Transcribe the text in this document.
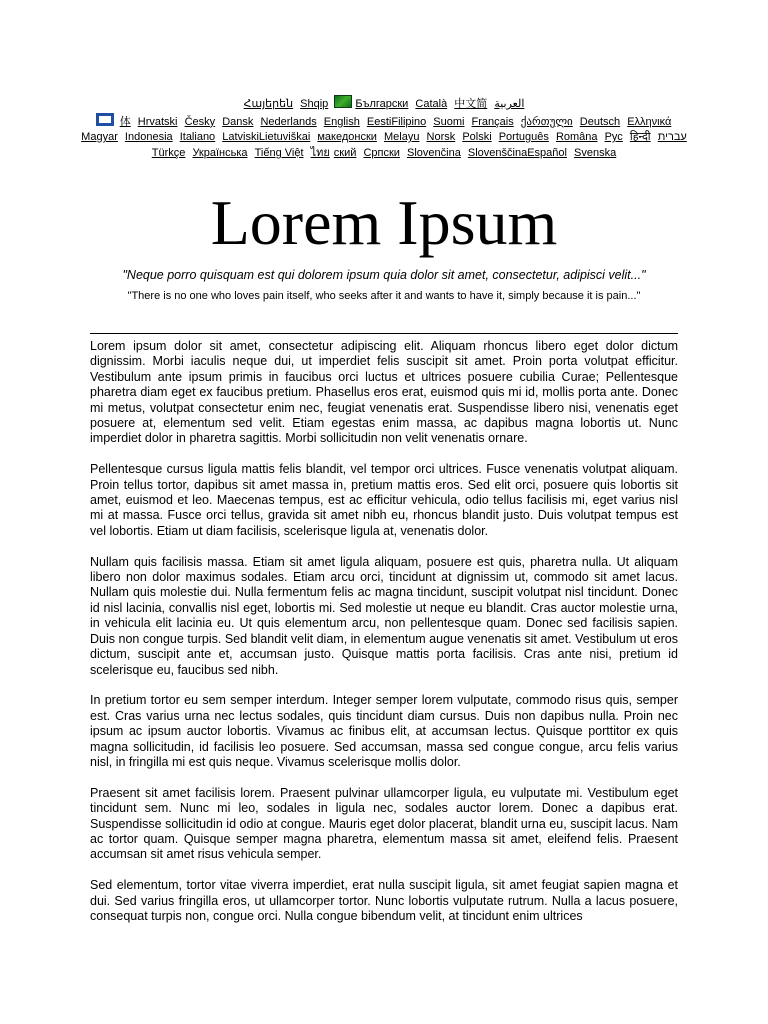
Հայերեն Shqip Български Català 中文简 العربية
体 Hrvatski Česky Dansk Nederlands English EestiFilipino Suomi Français ქართული Deutsch Ελληνικά
Magyar Indonesia Italiano LatviskiLietuviškai македонски Melayu Norsk Polski Português Româna Рус हिन्दी עברית
Türkçe Українська Tiếng Việt ไทย ский Српски Slovenčina SlovenščinaEspañol Svenska
Lorem Ipsum
"Neque porro quisquam est qui dolorem ipsum quia dolor sit amet, consectetur, adipisci velit..."
"There is no one who loves pain itself, who seeks after it and wants to have it, simply because it is pain..."

Lorem ipsum dolor sit amet, consectetur adipiscing elit. Aliquam rhoncus libero eget dolor dictum dignissim. Morbi iaculis neque dui, ut imperdiet felis suscipit sit amet. Proin porta volutpat efficitur. Vestibulum ante ipsum primis in faucibus orci luctus et ultrices posuere cubilia Curae; Pellentesque pharetra diam eget ex faucibus pretium. Phasellus eros erat, euismod quis mi id, mollis porta ante. Donec mi metus, volutpat consectetur enim nec, feugiat venenatis erat. Suspendisse libero nisi, venenatis eget posuere at, elementum sed velit. Etiam egestas enim massa, ac dapibus magna lobortis ut. Nunc imperdiet dolor in pharetra sagittis. Morbi sollicitudin non velit venenatis ornare.

Pellentesque cursus ligula mattis felis blandit, vel tempor orci ultrices. Fusce venenatis volutpat aliquam. Proin tellus tortor, dapibus sit amet massa in, pretium mattis eros. Sed elit orci, posuere quis lobortis sit amet, euismod et leo. Maecenas tempus, est ac efficitur vehicula, odio tellus facilisis mi, eget varius nisl mi at massa. Fusce orci tellus, gravida sit amet nibh eu, rhoncus blandit justo. Duis volutpat tempus est vel lobortis. Etiam ut diam facilisis, scelerisque ligula at, venenatis dolor.

Nullam quis facilisis massa. Etiam sit amet ligula aliquam, posuere est quis, pharetra nulla. Ut aliquam libero non dolor maximus sodales. Etiam arcu orci, tincidunt at dignissim ut, commodo sit amet lacus. Nullam quis molestie dui. Nulla fermentum felis ac magna tincidunt, suscipit volutpat nisl tincidunt. Donec id nisl lacinia, convallis nisl eget, lobortis mi. Sed molestie ut neque eu blandit. Cras auctor molestie urna, in vehicula elit lacinia eu. Ut quis elementum arcu, non pellentesque quam. Donec sed facilisis sapien. Duis non congue turpis. Sed blandit velit diam, in elementum augue venenatis sit amet. Vestibulum ut eros dictum, suscipit ante et, accumsan justo. Quisque mattis porta facilisis. Cras ante nisi, pretium id scelerisque eu, faucibus sed nibh.

In pretium tortor eu sem semper interdum. Integer semper lorem vulputate, commodo risus quis, semper est. Cras varius urna nec lectus sodales, quis tincidunt diam cursus. Duis non dapibus nulla. Proin nec ipsum ac ipsum auctor lobortis. Vivamus ac finibus elit, at accumsan lectus. Quisque porttitor ex quis magna sollicitudin, id facilisis leo posuere. Sed accumsan, massa sed congue congue, arcu felis varius nisl, in fringilla mi est quis neque. Vivamus scelerisque mollis dolor.

Praesent sit amet facilisis lorem. Praesent pulvinar ullamcorper ligula, eu vulputate mi. Vestibulum eget tincidunt sem. Nunc mi leo, sodales in ligula nec, sodales auctor lorem. Donec a dapibus erat. Suspendisse sollicitudin id odio at congue. Mauris eget dolor placerat, blandit urna eu, suscipit lacus. Nam ac tortor quam. Quisque semper magna pharetra, elementum massa sit amet, eleifend felis. Praesent accumsan sit amet risus vehicula semper.

Sed elementum, tortor vitae viverra imperdiet, erat nulla suscipit ligula, sit amet feugiat sapien magna et dui. Sed varius fringilla eros, ut ullamcorper tortor. Nunc lobortis vulputate rutrum. Nulla a lacus posuere, consequat turpis non, congue orci. Nulla congue bibendum velit, at tincidunt enim ultrices
